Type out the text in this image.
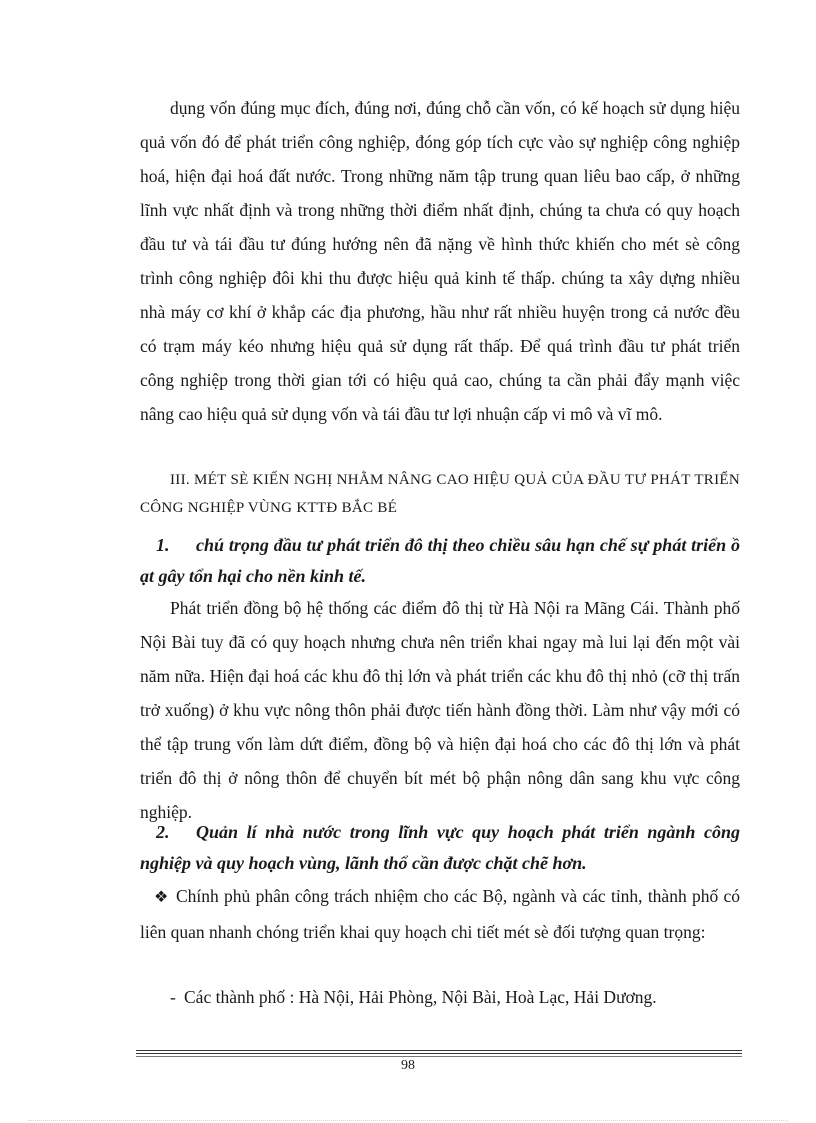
dụng vốn đúng mục đích, đúng nơi, đúng chỗ cần vốn, có kế hoạch sử dụng hiệu quả vốn đó để phát triển công nghiệp, đóng góp tích cực vào sự nghiệp công nghiệp hoá, hiện đại hoá đất nước. Trong những năm tập trung quan liêu bao cấp, ở những lĩnh vực nhất định và trong những thời điểm nhất định, chúng ta chưa có quy hoạch đầu tư và tái đầu tư đúng hướng nên đã nặng về hình thức khiến cho mét sè công trình công nghiệp đôi khi thu được hiệu quả kinh tế thấp. chúng ta xây dựng nhiều nhà máy cơ khí ở khắp các địa phương, hầu như rất nhiều huyện trong cả nước đều có trạm máy kéo nhưng hiệu quả sử dụng rất thấp. Để quá trình đầu tư phát triển công nghiệp trong thời gian tới có hiệu quả cao, chúng ta cần phải đẩy mạnh việc nâng cao hiệu quả sử dụng vốn và tái đầu tư lợi nhuận cấp vi mô và vĩ mô.

III. MÉT SÈ KIẾN NGHỊ NHẰM NÂNG CAO HIỆU QUẢ CỦA ĐẦU TƯ PHÁT TRIỂN CÔNG NGHIỆP VÙNG KTTĐ BẮC BÉ

1. chú trọng đầu tư phát triển đô thị theo chiều sâu hạn chế sự phát triển ồ ạt gây tổn hại cho nền kinh tế.

Phát triển đồng bộ hệ thống các điểm đô thị từ Hà Nội ra Mãng Cái. Thành phố Nội Bài tuy đã có quy hoạch nhưng chưa nên triển khai ngay mà lui lại đến một vài năm nữa. Hiện đại hoá các khu đô thị lớn và phát triển các khu đô thị nhỏ (cỡ thị trấn trở xuống) ở khu vực nông thôn phải được tiến hành đồng thời. Làm như vậy mới có thể tập trung vốn làm dứt điểm, đồng bộ và hiện đại hoá cho các đô thị lớn và phát triển đô thị ở nông thôn để chuyển bít mét bộ phận nông dân sang khu vực công nghiệp.

2. Quản lí nhà nước trong lĩnh vực quy hoạch phát triển ngành công nghiệp và quy hoạch vùng, lãnh thổ cần được chặt chẽ hơn.

❖ Chính phủ phân công trách nhiệm cho các Bộ, ngành và các tỉnh, thành phố có liên quan nhanh chóng triển khai quy hoạch chi tiết mét sè đối tượng quan trọng:

- Các thành phố : Hà Nội, Hải Phòng, Nội Bài, Hoà Lạc, Hải Dương.

98
